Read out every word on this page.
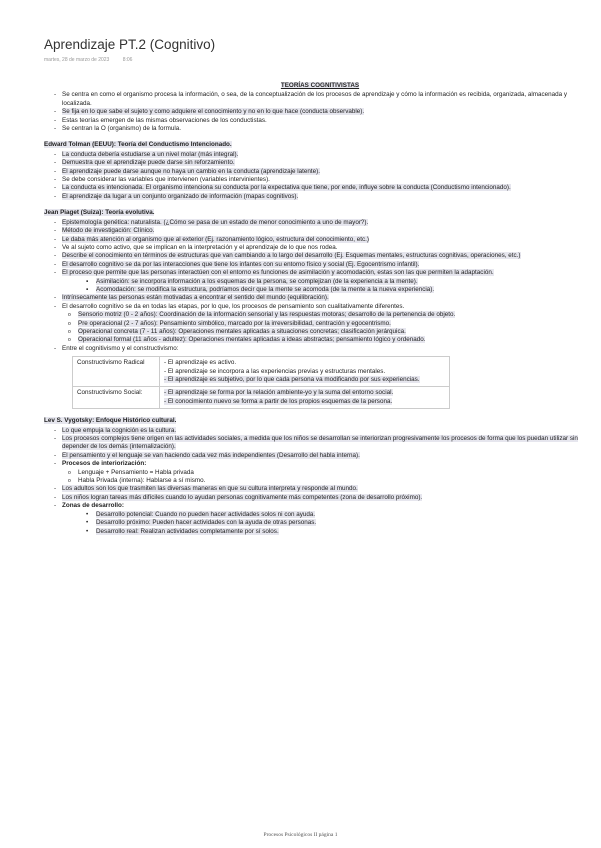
Aprendizaje PT.2 (Cognitivo)
martes, 28 de marzo de 2023	8:06
TEORÍAS COGNITIVISTAS
- Se centra en como el organismo procesa la información, o sea, de la conceptualización de los procesos de aprendizaje y cómo la información es recibida, organizada, almacenada y localizada.
- Se fija en lo que sabe el sujeto y como adquiere el conocimiento y no en lo que hace (conducta observable).
- Estas teorías emergen de las mismas observaciones de los conductistas.
- Se centran la O (organismo) de la formula.
Edward Tolman (EEUU): Teoría del Conductismo Intencionado.
- La conducta debería estudiarse a un nivel molar (más integral).
- Demuestra que el aprendizaje puede darse sin reforzamiento.
- El aprendizaje puede darse aunque no haya un cambio en la conducta (aprendizaje latente).
- Se debe considerar las variables que intervienen (variables intervinientes).
- La conducta es intencionada. El organismo intenciona su conducta por la expectativa que tiene, por ende, influye sobre la conducta (Conductismo intencionado).
- El aprendizaje da lugar a un conjunto organizado de información (mapas cognitivos).
Jean Piaget (Suiza): Teoría evolutiva.
- Epistemología genética: naturalista. (¿Cómo se pasa de un estado de menor conocimiento a uno de mayor?).
- Método de investigación: Clínico.
- Le daba más atención al organismo que al exterior (Ej. razonamiento lógico, estructura del conocimiento, etc.)
- Ve al sujeto como activo, que se implican en la interpretación y el aprendizaje de lo que nos rodea.
- Describe el conocimiento en términos de estructuras que van cambiando a lo largo del desarrollo (Ej. Esquemas mentales, estructuras cognitivas, operaciones, etc.)
- El desarrollo cognitivo se da por las interacciones que tiene los infantes con su entorno físico y social (Ej. Egocentrismo infantil).
- El proceso que permite que las personas interactúen con el entorno es funciones de asimilación y acomodación, estas son las que permiten la adaptación.
▪ Asimilación: se incorpora información a los esquemas de la persona, se complejizan (de la experiencia a la mente).
▪ Acomodación: se modifica la estructura, podríamos decir que la mente se acomoda (de la mente a la nueva experiencia).
- Intrínsecamente las personas están motivadas a encontrar el sentido del mundo (equilibración).
- El desarrollo cognitivo se da en todas las etapas, por lo que, los procesos de pensamiento son cualitativamente diferentes.
o Sensorio motriz (0 - 2 años): Coordinación de la información sensorial y las respuestas motoras; desarrollo de la pertenencia de objeto.
o Pre operacional (2 - 7 años): Pensamiento simbólico, marcado por la irreversibilidad, centración y egocentrismo.
o Operacional concreta (7 - 11 años): Operaciones mentales aplicadas a situaciones concretas; clasificación jerárquica.
o Operacional formal (11 años - adultez): Operaciones mentales aplicadas a ideas abstractas; pensamiento lógico y ordenado.
- Entre el cognitivismo y el constructivismo:
Constructivismo Radical	- El aprendizaje es activo.
- El aprendizaje se incorpora a las experiencias previas y estructuras mentales.
- El aprendizaje es subjetivo, por lo que cada persona va modificando por sus experiencias.

Constructivismo Social:	- El aprendizaje se forma por la relación ambiente-yo y la suma del entorno social.
- El conocimiento nuevo se forma a partir de los propios esquemas de la persona.
Lev S. Vygotsky: Enfoque Histórico cultural.
- Lo que empuja la cognición es la cultura.
- Los procesos complejos tiene origen en las actividades sociales, a medida que los niños se desarrollan se interiorizan progresivamente los procesos de forma que los puedan utilizar sin depender de los demás (internalización).
- El pensamiento y el lenguaje se van haciendo cada vez más independientes (Desarrollo del habla interna).
- Procesos de interiorización:
o Lenguaje + Pensamiento = Habla privada
o Habla Privada (interna): Hablarse a sí mismo.
- Los adultos son los que trasmiten las diversas maneras en que su cultura interpreta y responde al mundo.
- Los niños logran tareas más difíciles cuando lo ayudan personas cognitivamente más competentes (zona de desarrollo próximo).
- Zonas de desarrollo:
• Desarrollo potencial: Cuando no pueden hacer actividades solos ni con ayuda.
• Desarrollo próximo: Pueden hacer actividades con la ayuda de otras personas.
• Desarrollo real: Realizan actividades completamente por sí solos.
Procesos Psicológicos II página 1
